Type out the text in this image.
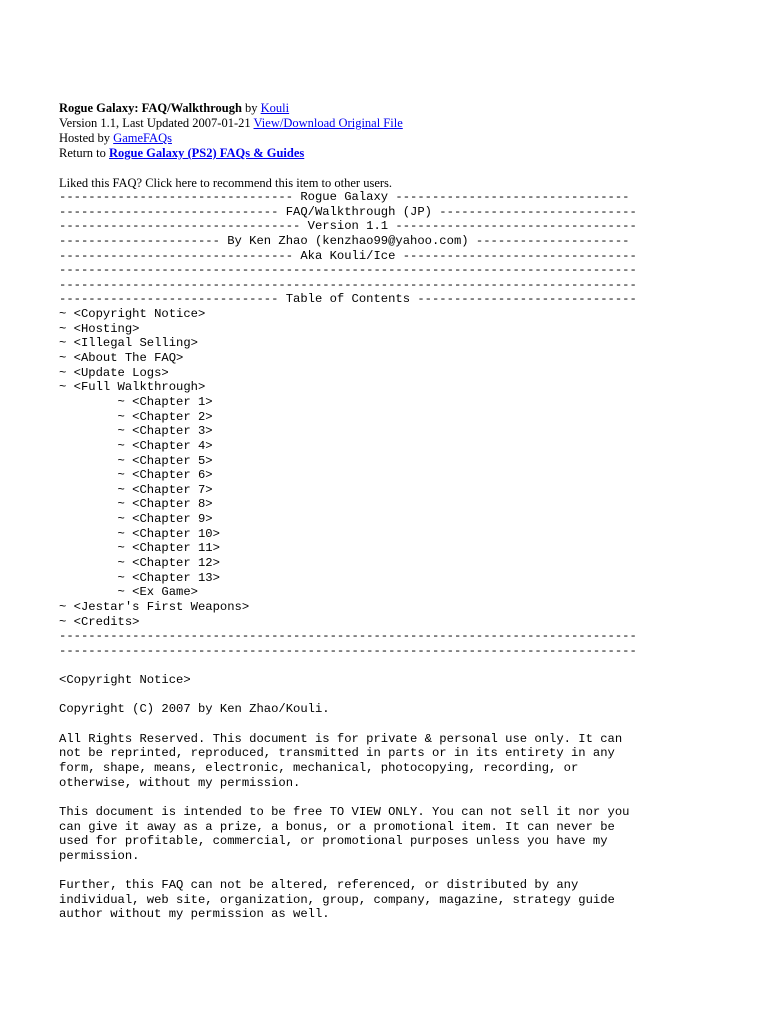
Rogue Galaxy: FAQ/Walkthrough by Kouli
Version 1.1, Last Updated 2007-01-21 View/Download Original File
Hosted by GameFAQs
Return to Rogue Galaxy (PS2) FAQs & Guides
Liked this FAQ? Click here to recommend this item to other users.
-------------------------------- Rogue Galaxy --------------------------------
------------------------------ FAQ/Walkthrough (JP) ---------------------------
--------------------------------- Version 1.1 ---------------------------------
---------------------- By Ken Zhao (kenzhao99@yahoo.com) ---------------------
-------------------------------- Aka Kouli/Ice --------------------------------
-------------------------------------------------------------------------------
-------------------------------------------------------------------------------
------------------------------ Table of Contents ------------------------------
~ <Copyright Notice>
~ <Hosting>
~ <Illegal Selling>
~ <About The FAQ>
~ <Update Logs>
~ <Full Walkthrough>
~ <Chapter 1>
~ <Chapter 2>
~ <Chapter 3>
~ <Chapter 4>
~ <Chapter 5>
~ <Chapter 6>
~ <Chapter 7>
~ <Chapter 8>
~ <Chapter 9>
~ <Chapter 10>
~ <Chapter 11>
~ <Chapter 12>
~ <Chapter 13>
~ <Ex Game>
~ <Jestar's First Weapons>
~ <Credits>
-------------------------------------------------------------------------------
-------------------------------------------------------------------------------
<Copyright Notice>
Copyright (C) 2007 by Ken Zhao/Kouli.
All Rights Reserved. This document is for private & personal use only. It can
not be reprinted, reproduced, transmitted in parts or in its entirety in any
form, shape, means, electronic, mechanical, photocopying, recording, or
otherwise, without my permission.
This document is intended to be free TO VIEW ONLY. You can not sell it nor you
can give it away as a prize, a bonus, or a promotional item. It can never be
used for profitable, commercial, or promotional purposes unless you have my
permission.
Further, this FAQ can not be altered, referenced, or distributed by any
individual, web site, organization, group, company, magazine, strategy guide
author without my permission as well.
